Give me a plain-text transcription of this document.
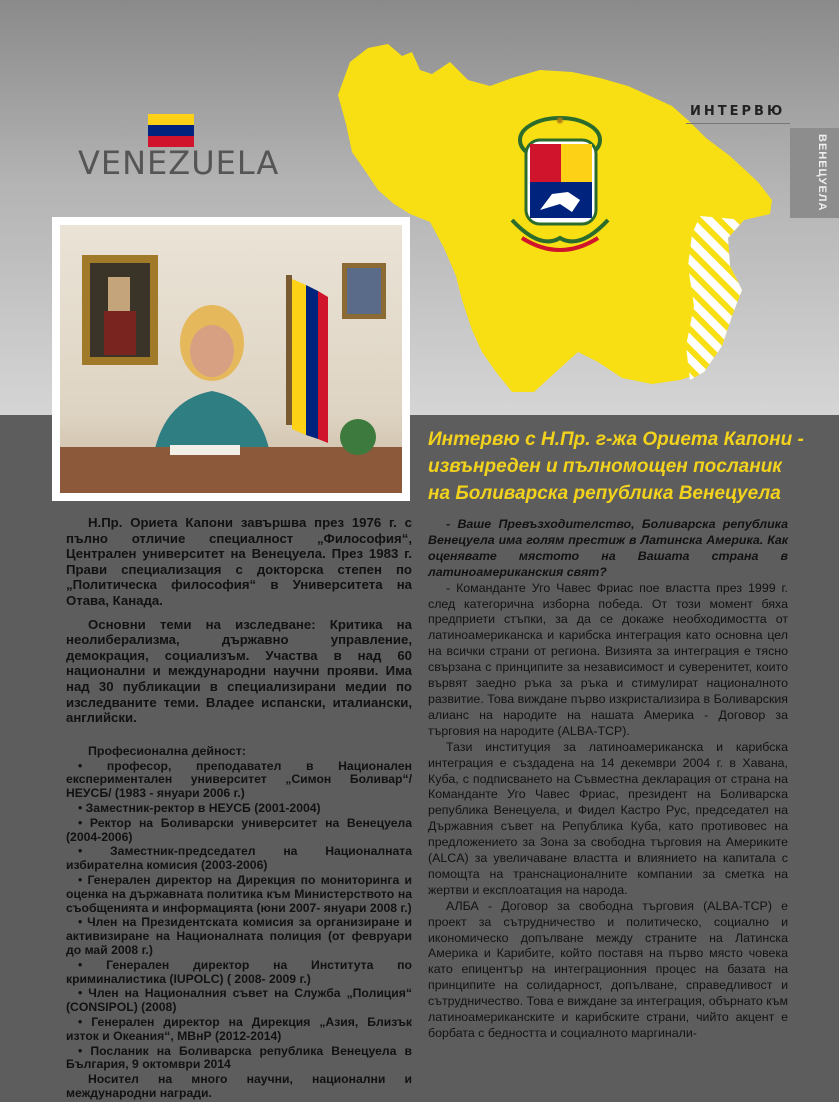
✺
VENEZUELA
ИНТЕРВЮ
ВЕНЕЦУЕЛА
Интервю с Н.Пр. г-жа Ориета Капони -
извънреден и пълномощен посланик
на Боливарска република Венецуела

Н.Пр. Ориета Капони завършва през 1976 г. с пълно отличие специалност „Философия“, Централен университет на Венецуела. През 1983 г. Прави специализация с докторска степен по „Политическа философия“ в Университета на Отава, Канада.

Основни теми на изследване: Критика на неолиберализма, държавно управление, демокрация, социализъм. Участва в над 60 национални и международни научни прояви. Има над 30 публикации в специализирани медии по изследваните теми. Владее испански, италиански, английски.

Професионална дейност:

• професор, преподавател в Национален експериментален университет „Симон Боливар“/НЕУСБ/ (1983 - януари 2006 г.)
• Заместник-ректор в НЕУСБ (2001-2004)
• Ректор на Боливарски университет на Венецуела (2004-2006)
• Заместник-председател на Националната избирателна комисия (2003-2006)
• Генерален директор на Дирекция по мониторинга и оценка на държавната политика към Министерството на съобщенията и информацията (юни 2007- януари 2008 г.)
• Член на Президентската комисия за организиране и активизиране на Националната полиция (от февруари до май 2008 г.)
• Генерален директор на Института по криминалистика (IUPOLC) ( 2008- 2009 г.)
• Член на Националния съвет на Служба „Полиция“ (CONSIPOL) (2008)
• Генерален директор на Дирекция „Азия, Близък изток и Океания“, МВнР (2012-2014)
• Посланик на Боливарска република Венецуела в България, 9 октомври 2014

Носител на много научни, национални и международни награди.

- Ваше Превъзходителство, Боливарска република Венецуела има голям престиж в Латинска Америка. Как оценявате мястото на Вашата страна в латиноамериканския свят?

- Команданте Уго Чавес Фриас пое властта през 1999 г. след категорична изборна победа. От този момент бяха предприети стъпки, за да се докаже необходимостта от латиноамериканска и карибска интеграция като основна цел на всички страни от региона. Визията за интеграция е тясно свързана с принципите за независимост и суверенитет, които вървят заедно ръка за ръка и стимулират националното развитие. Това виждане първо изкристализира в Боливарския алианс на народите на нашата Америка - Договор за търговия на народите (ALBA-TCP).

Тази институция за латиноамериканска и карибска интеграция е създадена на 14 декември 2004 г. в Хавана, Куба, с подписването на Съвместна декларация от страна на Команданте Уго Чавес Фриас, президент на Боливарска република Венецуела, и Фидел Кастро Рус, председател на Държавния съвет на Република Куба, като противовес на предложението за Зона за свободна търговия на Америките (ALCA) за увеличаване властта и влиянието на капитала с помощта на транснационалните компании за сметка на жертви и експлоатация на народа.

АЛБА - Договор за свободна търговия (ALBA-TCP) е проект за сътрудничество и политическо, социално и икономическо допълване между страните на Латинска Америка и Карибите, който поставя на първо място човека като епицентър на интеграционния процес на базата на принципите на солидарност, допълване, справедливост и сътрудничество. Това е виждане за интеграция, обърнато към латиноамериканските и карибските страни, чийто акцент е борбата с бедността и социалното маргинали-
